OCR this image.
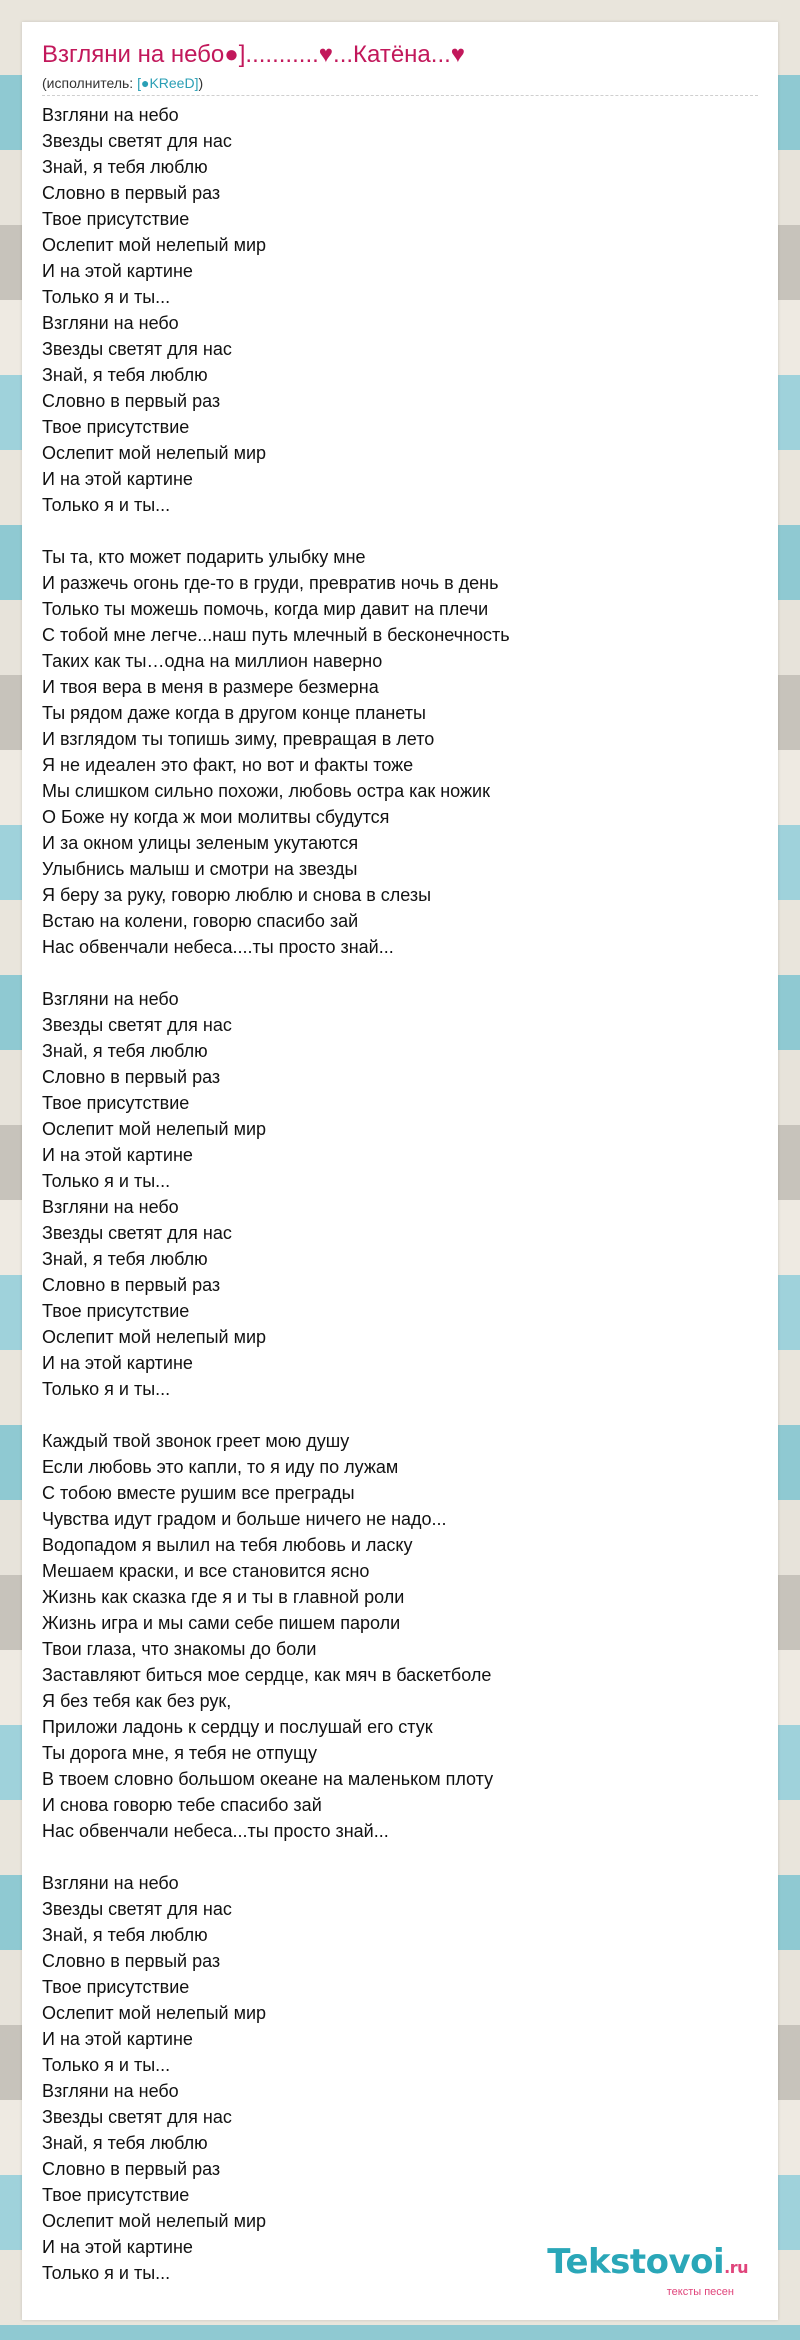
Взгляни на небо●]...........♥...Катёна...♥
(исполнитель: [●KReeD])
Взгляни на небо
Звезды светят для нас
Знай, я тебя люблю
Словно в первый раз
Твое присутствие
Ослепит мой нелепый мир
И на этой картине
Только я и ты...
Взгляни на небо
Звезды светят для нас
Знай, я тебя люблю
Словно в первый раз
Твое присутствие
Ослепит мой нелепый мир
И на этой картине
Только я и ты...
Ты та, кто может подарить улыбку мне
И разжечь огонь где-то в груди, превратив ночь в день
Только ты можешь помочь, когда мир давит на плечи
С тобой мне легче...наш путь млечный в бесконечность
Таких как ты…одна на миллион наверно
И твоя вера в меня в размере безмерна
Ты рядом даже когда в другом конце планеты
И взглядом ты топишь зиму, превращая в лето
Я не идеален это факт, но вот и факты тоже
Мы слишком сильно похожи, любовь остра как ножик
О Боже ну когда ж мои молитвы сбудутся
И за окном улицы зеленым укутаются
Улыбнись малыш и смотри на звезды
Я беру за руку, говорю люблю и снова в слезы
Встаю на колени, говорю спасибо зай
Нас обвенчали небеса....ты просто знай...
Взгляни на небо
Звезды светят для нас
Знай, я тебя люблю
Словно в первый раз
Твое присутствие
Ослепит мой нелепый мир
И на этой картине
Только я и ты...
Взгляни на небо
Звезды светят для нас
Знай, я тебя люблю
Словно в первый раз
Твое присутствие
Ослепит мой нелепый мир
И на этой картине
Только я и ты...
Каждый твой звонок греет мою душу
Если любовь это капли, то я иду по лужам
С тобою вместе рушим все преграды
Чувства идут градом и больше ничего не надо...
Водопадом я вылил на тебя любовь и ласку
Мешаем краски, и все становится ясно
Жизнь как сказка где я и ты в главной роли
Жизнь игра и мы сами себе пишем пароли
Твои глаза, что знакомы до боли
Заставляют биться мое сердце, как мяч в баскетболе
Я без тебя как без рук,
Приложи ладонь к сердцу и послушай его стук
Ты дорога мне, я тебя не отпущу
В твоем словно большом океане на маленьком плоту
И снова говорю тебе спасибо зай
Нас обвенчали небеса...ты просто знай...
Взгляни на небо
Звезды светят для нас
Знай, я тебя люблю
Словно в первый раз
Твое присутствие
Ослепит мой нелепый мир
И на этой картине
Только я и ты...
Взгляни на небо
Звезды светят для нас
Знай, я тебя люблю
Словно в первый раз
Твое присутствие
Ослепит мой нелепый мир
И на этой картине
Только я и ты...	Tekstovoi.ru
тексты песен
